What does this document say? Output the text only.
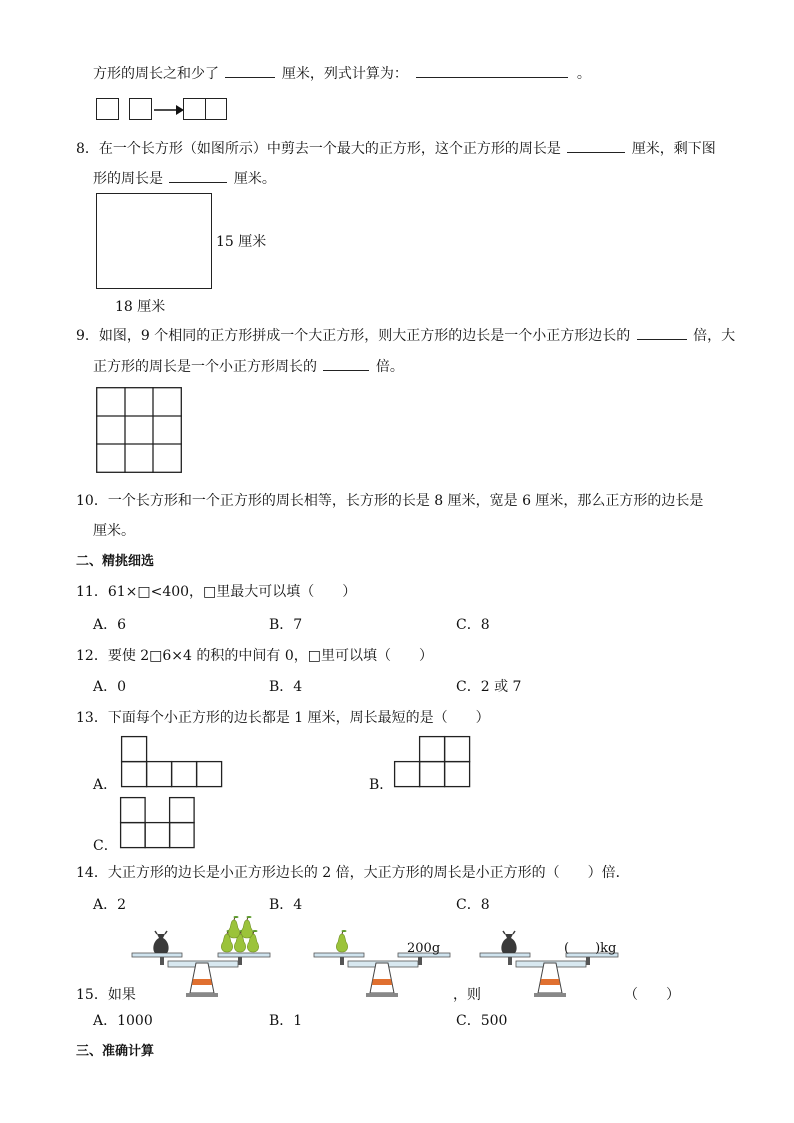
方形的周长之和少了	厘米，列式计算为：	。
8．在一个长方形（如图所示）中剪去一个最大的正方形，这个正方形的周长是	厘米，剩下图
形的周长是	厘米。
15 厘米
18 厘米
9．如图，9 个相同的正方形拼成一个大正方形，则大正方形的边长是一个小正方形边长的	倍，大
正方形的周长是一个小正方形周长的	倍。
10．一个长方形和一个正方形的周长相等，长方形的长是 8 厘米，宽是 6 厘米，那么正方形的边长是
厘米。
二、精挑细选
11．61×□<400，□里最大可以填（　　）
A．6	B．7	C．8
12．要使 2□6×4 的积的中间有 0，□里可以填（　　）
A．0	B．4	C．2 或 7
13．下面每个小正方形的边长都是 1 厘米，周长最短的是（　　）
A．	B．
C．
14．大正方形的边长是小正方形边长的 2 倍，大正方形的周长是小正方形的（　　）倍．
A．2	B．4	C．8
200g	(　　)kg
15．如果	，则	（　　）
A．1000	B．1	C．500
三、准确计算
